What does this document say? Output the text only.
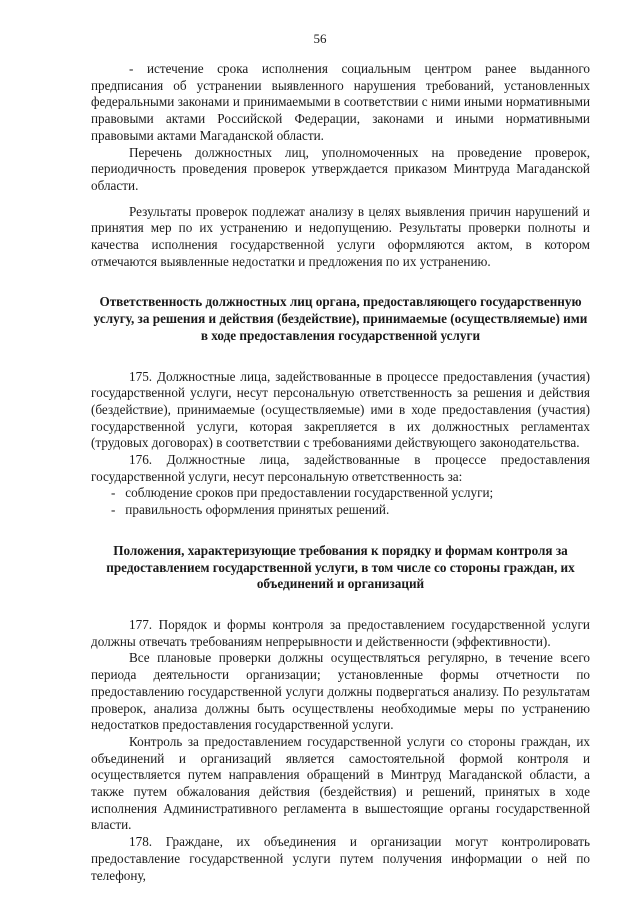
56

- истечение срока исполнения социальным центром ранее выданного предписания об устранении выявленного нарушения требований, установленных федеральными законами и принимаемыми в соответствии с ними иными нормативными правовыми актами Российской Федерации, законами и иными нормативными правовыми актами Магаданской области.

Перечень должностных лиц, уполномоченных на проведение проверок, периодичность проведения проверок утверждается приказом Минтруда Магаданской области.

Результаты проверок подлежат анализу в целях выявления причин нарушений и принятия мер по их устранению и недопущению. Результаты проверки полноты и качества исполнения государственной услуги оформляются актом, в котором отмечаются выявленные недостатки и предложения по их устранению.

Ответственность должностных лиц органа, предоставляющего государственную услугу, за решения и действия (бездействие), принимаемые (осуществляемые) ими в ходе предоставления государственной услуги

175. Должностные лица, задействованные в процессе предоставления (участия) государственной услуги, несут персональную ответственность за решения и действия (бездействие), принимаемые (осуществляемые) ими в ходе предоставления (участия) государственной услуги, которая закрепляется в их должностных регламентах (трудовых договорах) в соответствии с требованиями действующего законодательства.

176. Должностные лица, задействованные в процессе предоставления государственной услуги, несут персональную ответственность за:

-   соблюдение сроков при предоставлении государственной услуги;
-   правильность оформления принятых решений.
Положения, характеризующие требования к порядку и формам контроля за предоставлением государственной услуги, в том числе со стороны граждан, их объединений и организаций

177. Порядок и формы контроля за предоставлением государственной услуги должны отвечать требованиям непрерывности и действенности (эффективности).

Все плановые проверки должны осуществляться регулярно, в течение всего периода деятельности организации; установленные формы отчетности по предоставлению государственной услуги должны подвергаться анализу. По результатам проверок, анализа должны быть осуществлены необходимые меры по устранению недостатков предоставления государственной услуги.

Контроль за предоставлением государственной услуги со стороны граждан, их объединений и организаций является самостоятельной формой контроля и осуществляется путем направления обращений в Минтруд Магаданской области, а также путем обжалования действия (бездействия) и решений, принятых в ходе исполнения Административного регламента в вышестоящие органы государственной власти.

178. Граждане, их объединения и организации могут контролировать предоставление государственной услуги путем получения информации о ней по телефону,
